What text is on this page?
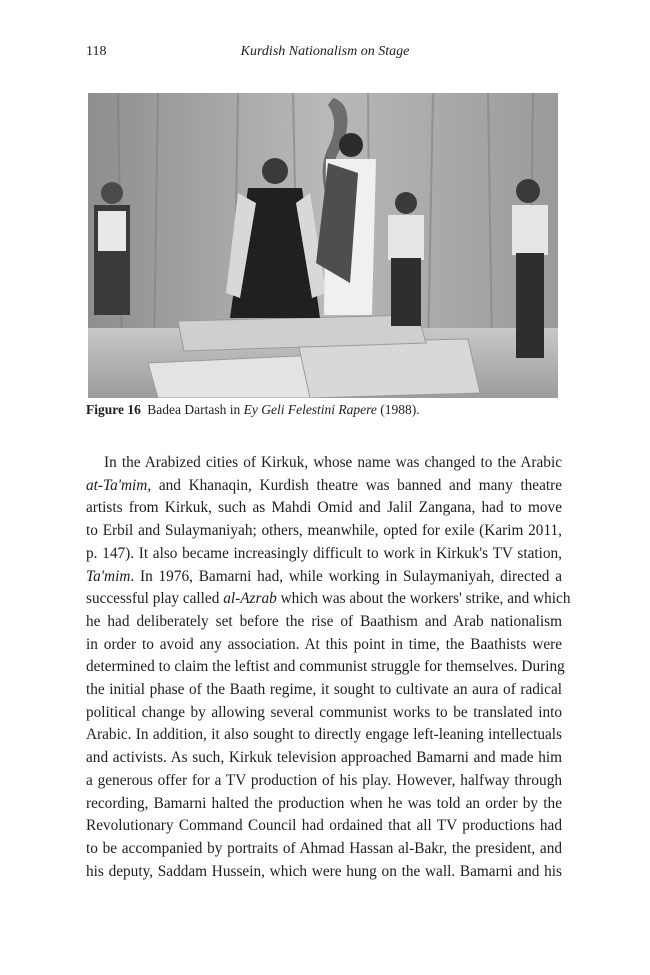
118	Kurdish Nationalism on Stage
Figure 16 Badea Dartash in Ey Geli Felestini Rapere (1988).
In the Arabized cities of Kirkuk, whose name was changed to the Arabic
at-Ta'mim, and Khanaqin, Kurdish theatre was banned and many theatre
artists from Kirkuk, such as Mahdi Omid and Jalil Zangana, had to move
to Erbil and Sulaymaniyah; others, meanwhile, opted for exile (Karim 2011,
p. 147). It also became increasingly difficult to work in Kirkuk's TV station,
Ta'mim. In 1976, Bamarni had, while working in Sulaymaniyah, directed a
successful play called al-Azrab which was about the workers' strike, and which
he had deliberately set before the rise of Baathism and Arab nationalism
in order to avoid any association. At this point in time, the Baathists were
determined to claim the leftist and communist struggle for themselves. During
the initial phase of the Baath regime, it sought to cultivate an aura of radical
political change by allowing several communist works to be translated into
Arabic. In addition, it also sought to directly engage left-leaning intellectuals
and activists. As such, Kirkuk television approached Bamarni and made him
a generous offer for a TV production of his play. However, halfway through
recording, Bamarni halted the production when he was told an order by the
Revolutionary Command Council had ordained that all TV productions had
to be accompanied by portraits of Ahmad Hassan al-Bakr, the president, and
his deputy, Saddam Hussein, which were hung on the wall. Bamarni and his
